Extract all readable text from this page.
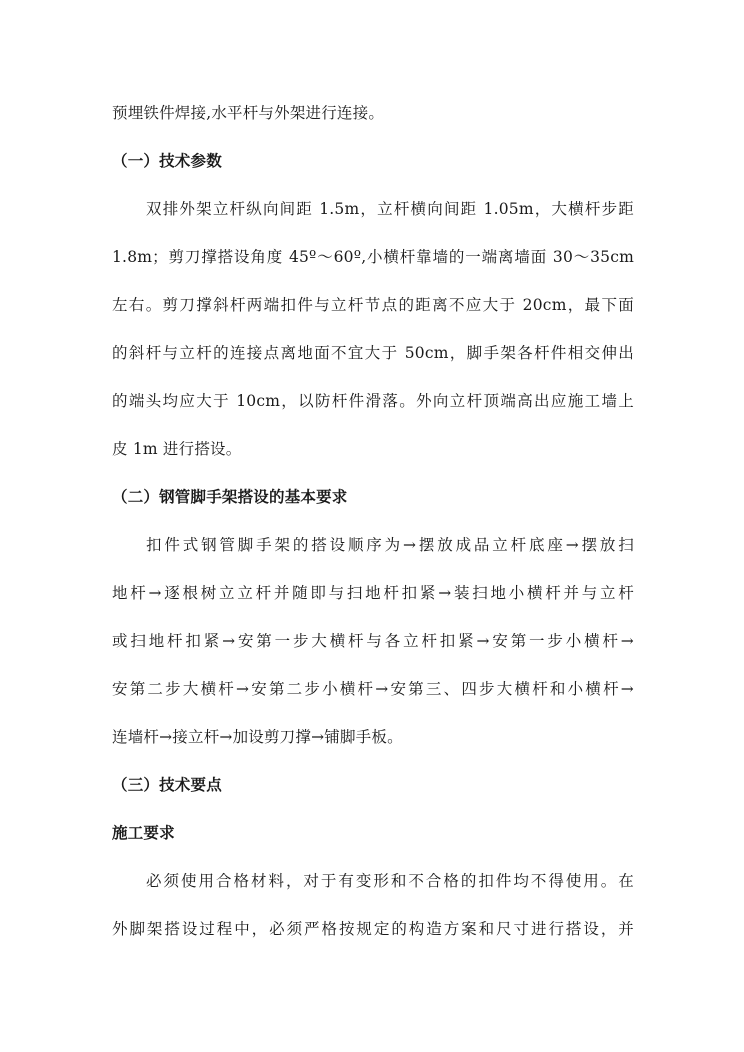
预埋铁件焊接,水平杆与外架进行连接。
（一）技术参数
双排外架立杆纵向间距 1.5m，立杆横向间距 1.05m，大横杆步距
1.8m；剪刀撑搭设角度 45º～60º,小横杆靠墙的一端离墙面 30～35cm
左右。剪刀撑斜杆两端扣件与立杆节点的距离不应大于 20cm，最下面
的斜杆与立杆的连接点离地面不宜大于 50cm，脚手架各杆件相交伸出
的端头均应大于 10cm，以防杆件滑落。外向立杆顶端高出应施工墙上
皮 1m 进行搭设。
（二）钢管脚手架搭设的基本要求
扣件式钢管脚手架的搭设顺序为→摆放成品立杆底座→摆放扫
地杆→逐根树立立杆并随即与扫地杆扣紧→装扫地小横杆并与立杆
或扫地杆扣紧→安第一步大横杆与各立杆扣紧→安第一步小横杆→
安第二步大横杆→安第二步小横杆→安第三、四步大横杆和小横杆→
连墙杆→接立杆→加设剪刀撑→铺脚手板。
（三）技术要点
施工要求
必须使用合格材料，对于有变形和不合格的扣件均不得使用。在
外脚架搭设过程中，必须严格按规定的构造方案和尺寸进行搭设，并
